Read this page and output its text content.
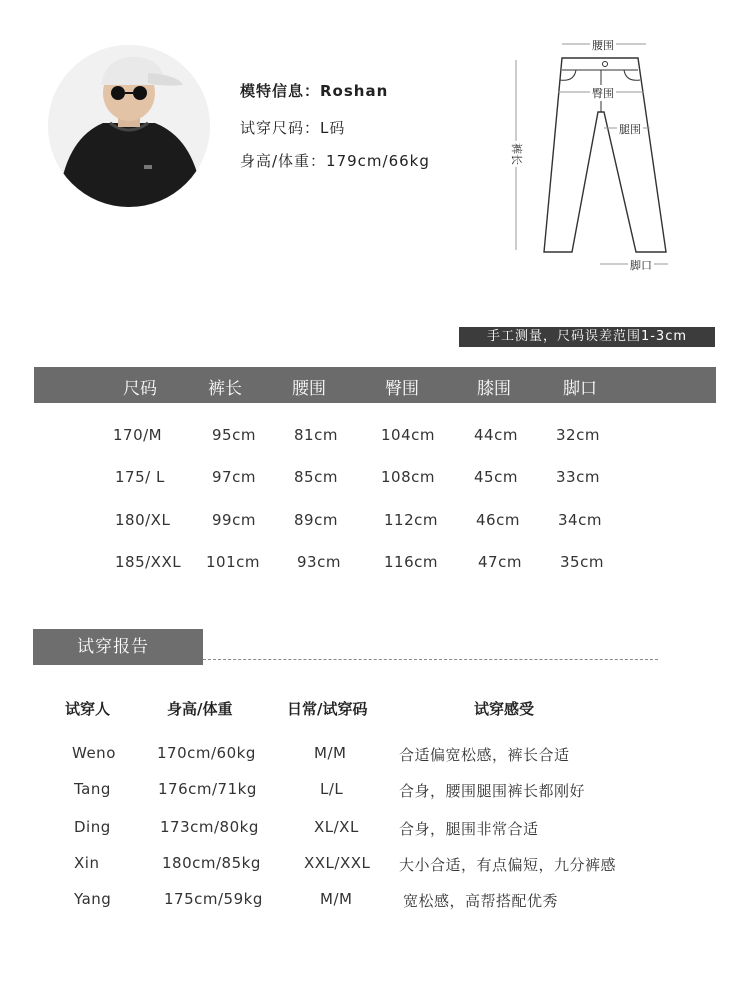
模特信息：Roshan
试穿尺码：L码
身高/体重：179cm/66kg
腰围
臀围
腿围
裤长
脚口
手工测量，尺码误差范围1-3cm
尺码	裤长	腰围	臀围	膝围	脚口
170/M	95cm	81cm	104cm	44cm	32cm
175/ L	97cm	85cm	108cm	45cm	33cm
180/XL	99cm	89cm	112cm	46cm	34cm
185/XXL 101cm 93cm	116cm	47cm	35cm
试穿报告
试穿人	身高/体重	日常/试穿码	试穿感受
Weno	170cm/60kg	M/M	合适偏宽松感，裤长合适
Tang	176cm/71kg	L/L	合身，腰围腿围裤长都刚好
Ding	173cm/80kg	XL/XL	合身，腿围非常合适
Xin	180cm/85kg	XXL/XXL 大小合适，有点偏短，九分裤感
Yang	175cm/59kg	M/M	宽松感，高帮搭配优秀
